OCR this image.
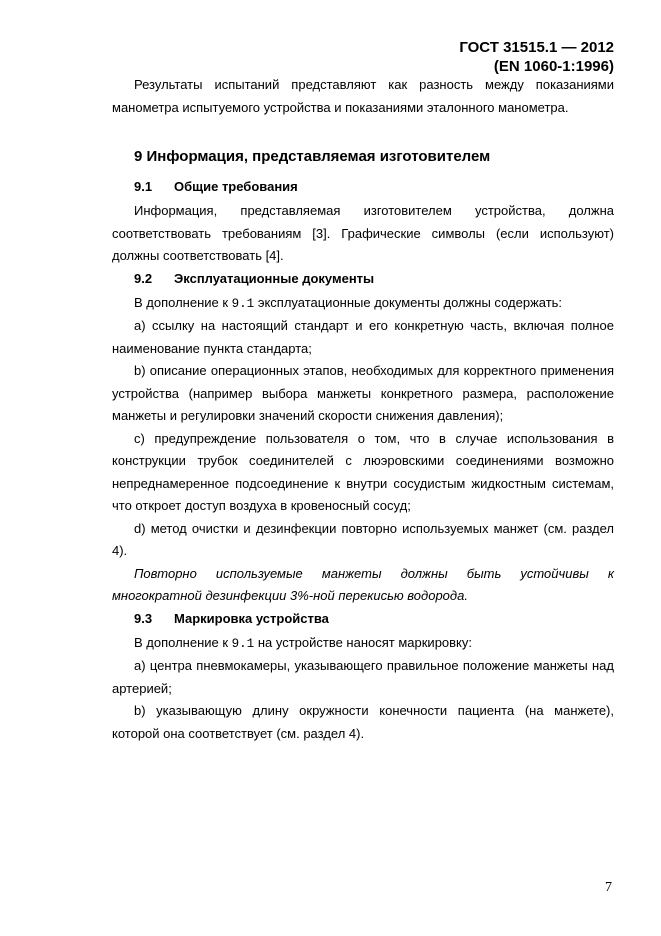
ГОСТ 31515.1 — 2012
(EN 1060-1:1996)

Результаты испытаний представляют как разность между показаниями манометра испытуемого устройства и показаниями эталонного манометра.

9 Информация, представляемая изготовителем
9.1 Общие требования

Информация, представляемая изготовителем устройства, должна соответствовать требованиям [3]. Графические символы (если используют) должны соответствовать [4].

9.2 Эксплуатационные документы

В дополнение к 9.1 эксплуатационные документы должны содержать:

а) ссылку на настоящий стандарт и его конкретную часть, включая полное наименование пункта стандарта;

b) описание операционных этапов, необходимых для корректного применения устройства (например выбора манжеты конкретного размера, расположение манжеты и регулировки значений скорости снижения давления);

с) предупреждение пользователя о том, что в случае использования в конструкции трубок соединителей с люэровскими соединениями возможно непреднамеренное подсоединение к внутри сосудистым жидкостным системам, что откроет доступ воздуха в кровеносный сосуд;

d) метод очистки и дезинфекции повторно используемых манжет (см. раздел 4).

Повторно используемые манжеты должны быть устойчивы к многократной дезинфекции 3%-ной перекисью водорода.

9.3 Маркировка устройства

В дополнение к 9.1 на устройстве наносят маркировку:

а) центра пневмокамеры, указывающего правильное положение манжеты над артерией;

b) указывающую длину окружности конечности пациента (на манжете), которой она соответствует (см. раздел 4).

7
